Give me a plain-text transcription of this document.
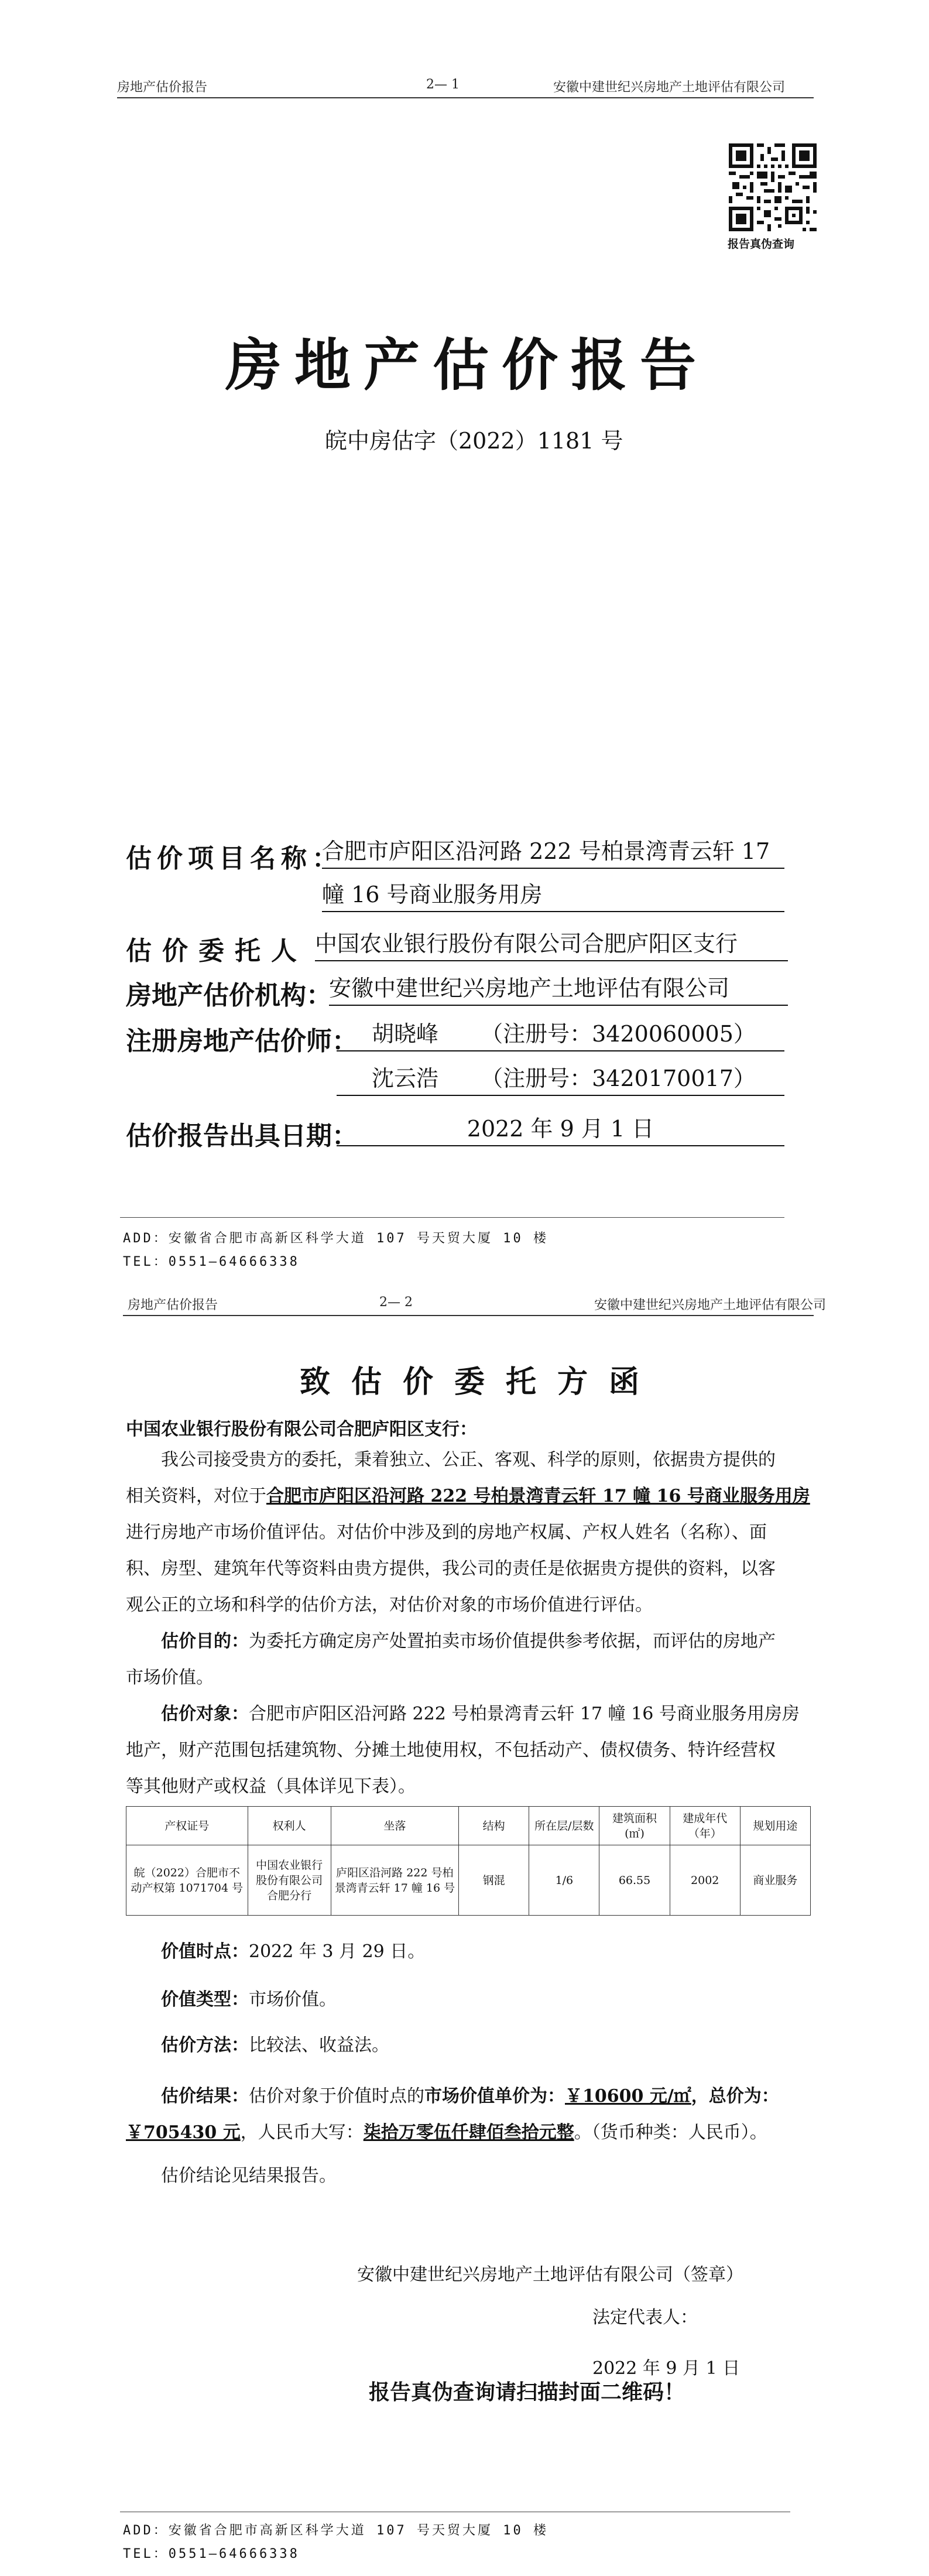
房地产估价报告	2— 1	安徽中建世纪兴房地产土地评估有限公司
报告真伪查询
房地产估价报告
皖中房估字（2022）1181 号
估价项目名称：
合肥市庐阳区沿河路 222 号柏景湾青云轩 17
幢 16 号商业服务用房
估价委托人 中国农业银行股份有限公司合肥庐阳区支行
房地产估价机构：
安徽中建世纪兴房地产土地评估有限公司
注册房地产估价师： 胡晓峰 （注册号：3420060005）
沈云浩 （注册号：3420170017）
估价报告出具日期：	2022 年 9 月 1 日
ADD：安徽省合肥市高新区科学大道 107 号天贸大厦 10 楼
TEL：0551—64666338
房地产估价报告	2— 2	安徽中建世纪兴房地产土地评估有限公司
致估价委托方函
中国农业银行股份有限公司合肥庐阳区支行：
我公司接受贵方的委托，秉着独立、公正、客观、科学的原则，依据贵方提供的
相关资料，对位于合肥市庐阳区沿河路 222 号柏景湾青云轩 17 幢 16 号商业服务用房
进行房地产市场价值评估。对估价中涉及到的房地产权属、产权人姓名（名称）、面
积、房型、建筑年代等资料由贵方提供，我公司的责任是依据贵方提供的资料，以客
观公正的立场和科学的估价方法，对估价对象的市场价值进行评估。
估价目的：为委托方确定房产处置拍卖市场价值提供参考依据，而评估的房地产
市场价值。
估价对象：合肥市庐阳区沿河路 222 号柏景湾青云轩 17 幢 16 号商业服务用房房
地产，财产范围包括建筑物、分摊土地使用权，不包括动产、债权债务、特许经营权
等其他财产或权益（具体详见下表）。
产权证号	权利人	坐落	结构	所在层/层数	建筑面积(㎡)	建成年代（年）	规划用途
皖（2022）合肥市不动产权第 1071704 号	中国农业银行股份有限公司合肥分行	庐阳区沿河路 222 号柏景湾青云轩 17 幢 16 号	钢混	1/6	66.55	2002	商业服务
价值时点：2022 年 3 月 29 日。
价值类型：市场价值。
估价方法：比较法、收益法。
估价结果：估价对象于价值时点的市场价值单价为：￥10600 元/㎡，总价为：
￥705430 元，人民币大写：柒拾万零伍仟肆佰叁拾元整。（货币种类：人民币）。
估价结论见结果报告。
安徽中建世纪兴房地产土地评估有限公司（签章）
法定代表人：
2022 年 9 月 1 日
报告真伪查询请扫描封面二维码！
ADD：安徽省合肥市高新区科学大道 107 号天贸大厦 10 楼
TEL：0551—64666338
